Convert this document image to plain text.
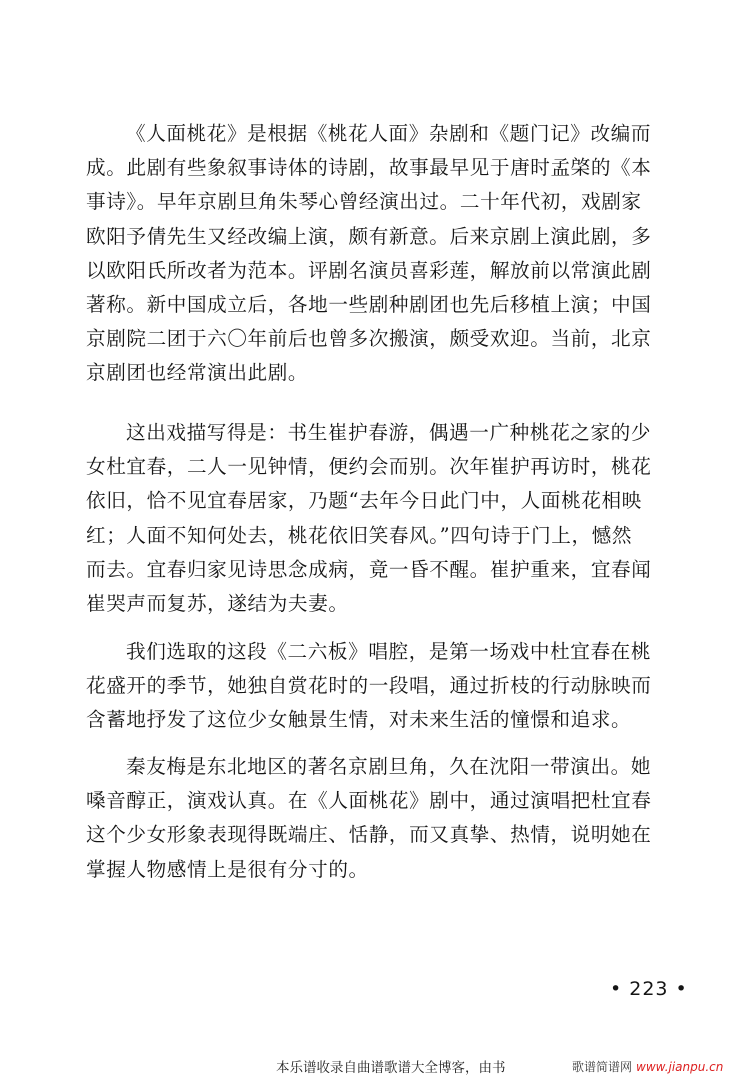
《人面桃花》是根据《桃花人面》杂剧和《题门记》改编而
成。此剧有些象叙事诗体的诗剧，故事最早见于唐时孟棨的《本
事诗》。早年京剧旦角朱琴心曾经演出过。二十年代初，戏剧家
欧阳予倩先生又经改编上演，颇有新意。后来京剧上演此剧，多
以欧阳氏所改者为范本。评剧名演员喜彩莲，解放前以常演此剧
著称。新中国成立后，各地一些剧种剧团也先后移植上演；中国
京剧院二团于六〇年前后也曾多次搬演，颇受欢迎。当前，北京
京剧团也经常演出此剧。
这出戏描写得是：书生崔护春游，偶遇一广种桃花之家的少
女杜宜春，二人一见钟情，便约会而别。次年崔护再访时，桃花
依旧，恰不见宜春居家，乃题“去年今日此门中，人面桃花相映
红；人面不知何处去，桃花依旧笑春风。”四句诗于门上，憾然
而去。宜春归家见诗思念成病，竟一昏不醒。崔护重来，宜春闻
崔哭声而复苏，遂结为夫妻。
我们选取的这段《二六板》唱腔，是第一场戏中杜宜春在桃
花盛开的季节，她独自赏花时的一段唱，通过折枝的行动脉映而
含蓄地抒发了这位少女触景生情，对未来生活的憧憬和追求。
秦友梅是东北地区的著名京剧旦角，久在沈阳一带演出。她
嗓音醇正，演戏认真。在《人面桃花》剧中，通过演唱把杜宜春
这个少女形象表现得既端庄、恬静，而又真挚、热情，说明她在
掌握人物感情上是很有分寸的。
• 223 •
本乐谱收录自曲谱歌谱大全博客，由书	歌谱简谱网 www.jianpu.cn
